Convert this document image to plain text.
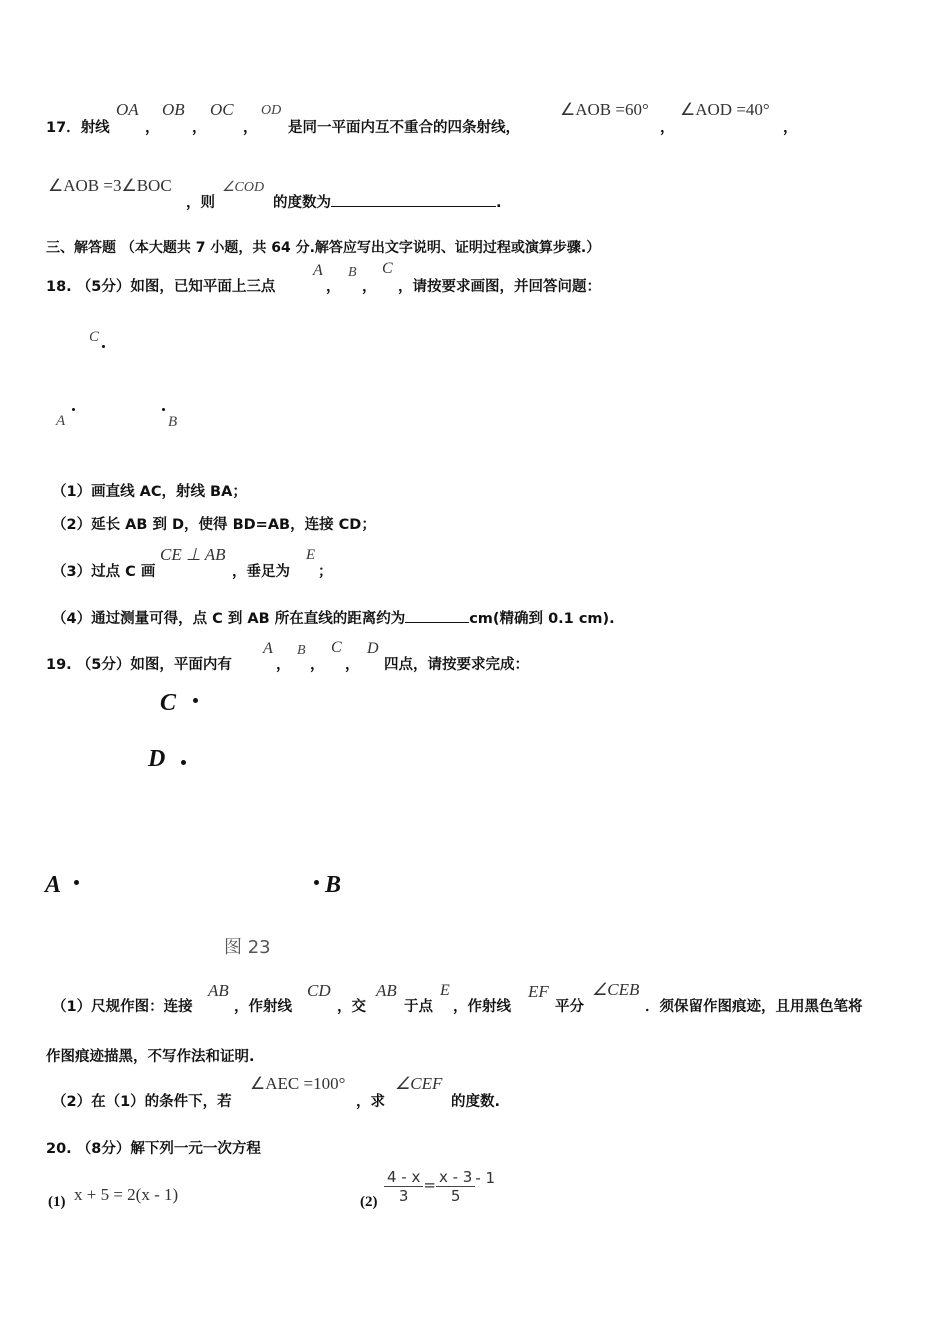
17．射线
OA
，
OB
，
OC
，
OD
是同一平面内互不重合的四条射线，
∠AOB =60°
，
∠AOD =40°
，
∠AOB =3∠BOC
，则
∠COD
的度数为	.
三、解答题 （本大题共 7 小题，共 64 分.解答应写出文字说明、证明过程或演算步骤.）
18. （5分）如图，已知平面上三点
A
，
B
，
C
，请按要求画图，并回答问题：
C
A	B
（1）画直线 AC，射线 BA；
（2）延长 AB 到 D，使得 BD=AB，连接 CD；
（3）过点 C 画
CE ⊥ AB
，垂足为
E
；
（4）通过测量可得，点 C 到 AB 所在直线的距离约为	cm(精确到 0.1 cm).
19. （5分）如图，平面内有
A
，
B
，
C
，
D
四点，请按要求完成：
C
D
A	B
图 23
（1）尺规作图：连接
AB
，作射线
CD
，交
AB
于点
E
，作射线
EF
平分
∠CEB
．须保留作图痕迹，且用黑色笔将
作图痕迹描黑，不写作法和证明.
（2）在（1）的条件下，若
∠AEC =100°
，求
∠CEF
的度数.
20. （8分）解下列一元一次方程
(1) x + 5 = 2(x - 1)	$(2) \frac{4 - x}{3} = \frac{x - 3}{5} - 1$
